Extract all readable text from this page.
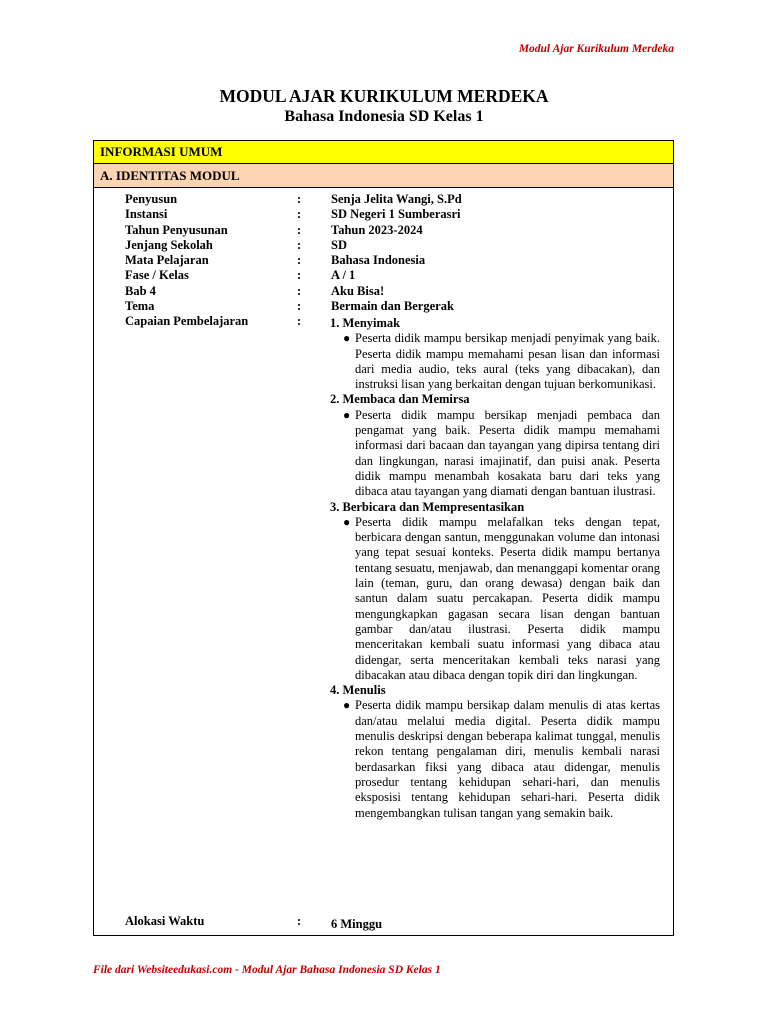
Modul Ajar Kurikulum Merdeka
MODUL AJAR KURIKULUM MERDEKA
Bahasa Indonesia SD Kelas 1
INFORMASI UMUM
A. IDENTITAS MODUL
Penyusun	: Senja Jelita Wangi, S.Pd
Instansi	: SD Negeri 1 Sumberasri
Tahun Penyusunan	: Tahun 2023-2024
Jenjang Sekolah	: SD
Mata Pelajaran	: Bahasa Indonesia
Fase / Kelas	: A / 1
Bab 4	: Aku Bisa!
Tema	: Bermain dan Bergerak
Capaian Pembelajaran	: 1. Menyimak
● Peserta didik mampu bersikap menjadi penyimak yang baik. Peserta didik mampu memahami pesan lisan dan informasi dari media audio, teks aural (teks yang dibacakan), dan instruksi lisan yang berkaitan dengan tujuan berkomunikasi.
2. Membaca dan Memirsa
● Peserta didik mampu bersikap menjadi pembaca dan pengamat yang baik. Peserta didik mampu memahami informasi dari bacaan dan tayangan yang dipirsa tentang diri dan lingkungan, narasi imajinatif, dan puisi anak. Peserta didik mampu menambah kosakata baru dari teks yang dibaca atau tayangan yang diamati dengan bantuan ilustrasi.
3. Berbicara dan Mempresentasikan
● Peserta didik mampu melafalkan teks dengan tepat, berbicara dengan santun, menggunakan volume dan intonasi yang tepat sesuai konteks. Peserta didik mampu bertanya tentang sesuatu, menjawab, dan menanggapi komentar orang lain (teman, guru, dan orang dewasa) dengan baik dan santun dalam suatu percakapan. Peserta didik mampu mengungkapkan gagasan secara lisan dengan bantuan gambar dan/atau ilustrasi. Peserta didik mampu menceritakan kembali suatu informasi yang dibaca atau didengar, serta menceritakan kembali teks narasi yang dibacakan atau dibaca dengan topik diri dan lingkungan.
4. Menulis
● Peserta didik mampu bersikap dalam menulis di atas kertas dan/atau melalui media digital. Peserta didik mampu menulis deskripsi dengan beberapa kalimat tunggal, menulis rekon tentang pengalaman diri, menulis kembali narasi berdasarkan fiksi yang dibaca atau didengar, menulis prosedur tentang kehidupan sehari-hari, dan menulis eksposisi tentang kehidupan sehari-hari. Peserta didik mengembangkan tulisan tangan yang semakin baik.
Alokasi Waktu	: 6 Minggu
File dari Websiteedukasi.com - Modul Ajar Bahasa Indonesia SD Kelas 1
